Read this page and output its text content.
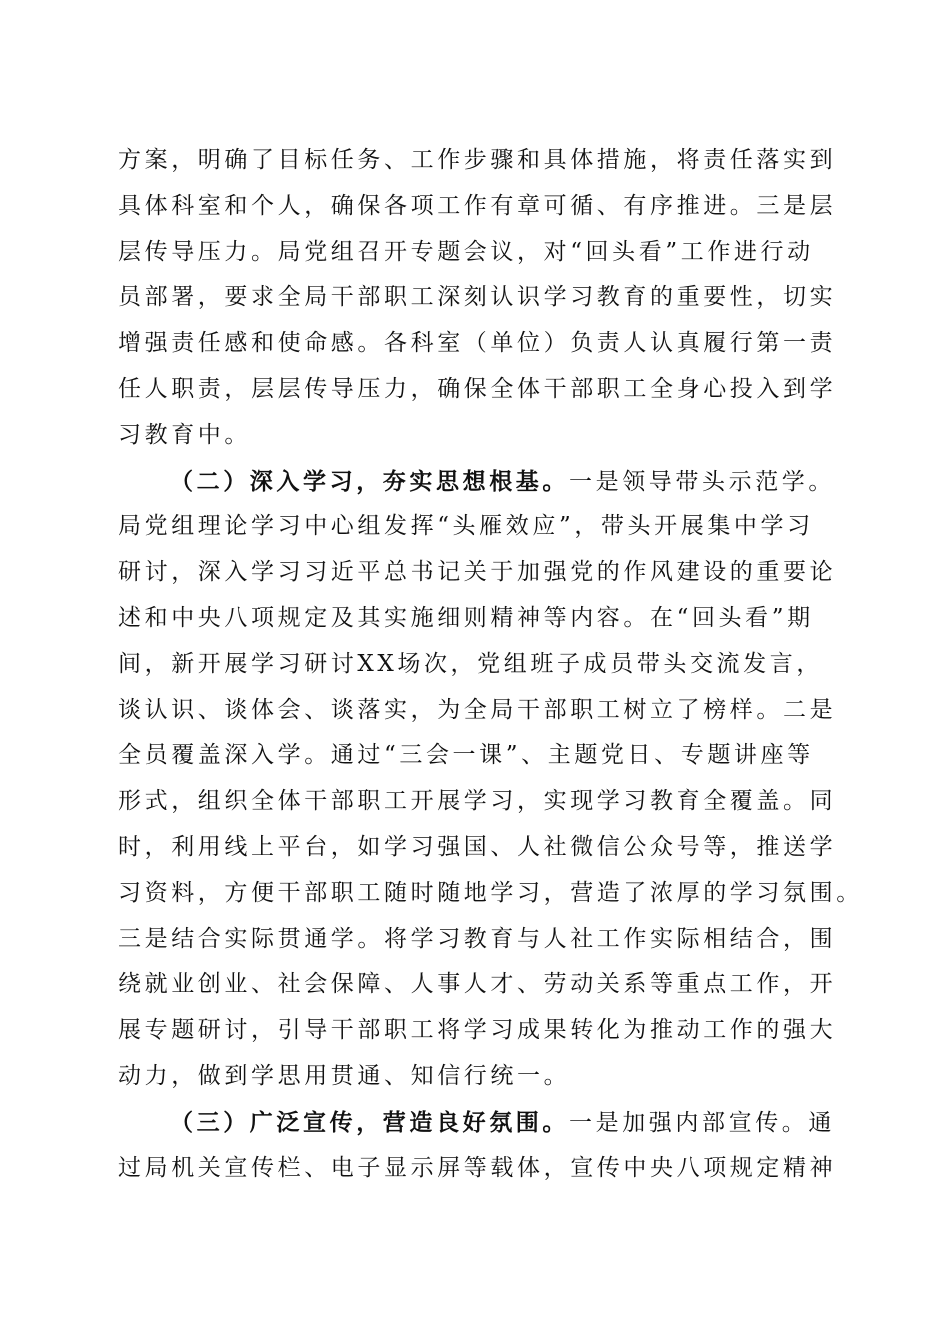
方案，明确了目标任务、工作步骤和具体措施，将责任落实到

具体科室和个人，确保各项工作有章可循、有序推进。三是层

层传导压力。局党组召开专题会议，对“回头看”工作进行动

员部署，要求全局干部职工深刻认识学习教育的重要性，切实

增强责任感和使命感。各科室（单位）负责人认真履行第一责

任人职责，层层传导压力，确保全体干部职工全身心投入到学

习教育中。

（二）深入学习，夯实思想根基。一是领导带头示范学。

局党组理论学习中心组发挥“头雁效应”，带头开展集中学习

研讨，深入学习习近平总书记关于加强党的作风建设的重要论

述和中央八项规定及其实施细则精神等内容。在“回头看”期

间，新开展学习研讨XX场次，党组班子成员带头交流发言，

谈认识、谈体会、谈落实，为全局干部职工树立了榜样。二是

全员覆盖深入学。通过“三会一课”、主题党日、专题讲座等

形式，组织全体干部职工开展学习，实现学习教育全覆盖。同

时，利用线上平台，如学习强国、人社微信公众号等，推送学

习资料，方便干部职工随时随地学习，营造了浓厚的学习氛围。

三是结合实际贯通学。将学习教育与人社工作实际相结合，围

绕就业创业、社会保障、人事人才、劳动关系等重点工作，开

展专题研讨，引导干部职工将学习成果转化为推动工作的强大

动力，做到学思用贯通、知信行统一。

（三）广泛宣传，营造良好氛围。一是加强内部宣传。通

过局机关宣传栏、电子显示屏等载体，宣传中央八项规定精神
